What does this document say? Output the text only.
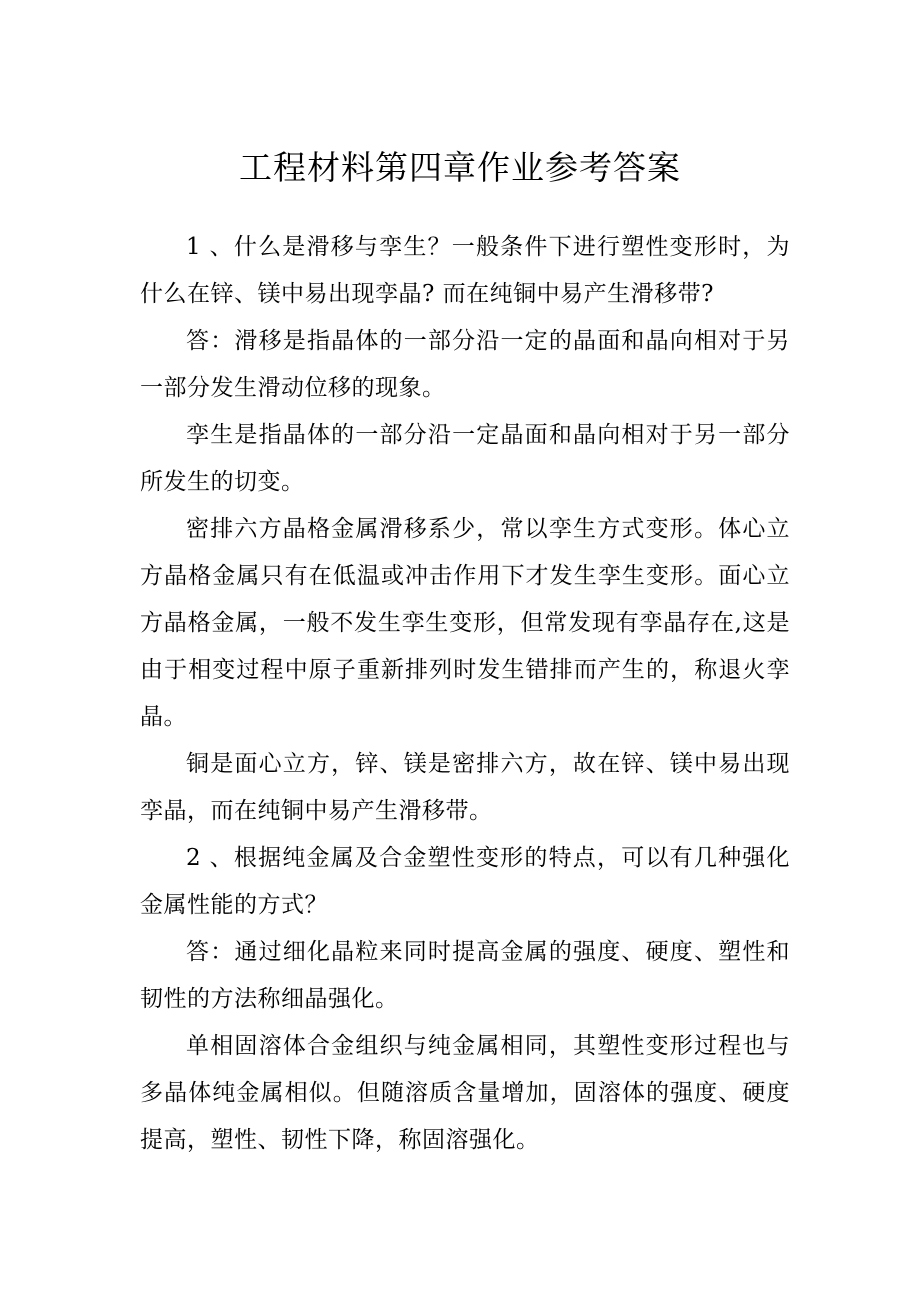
工程材料第四章作业参考答案

1 、什么是滑移与孪生？一般条件下进行塑性变形时，为什么在锌、镁中易出现孪晶? 而在纯铜中易产生滑移带?

答：滑移是指晶体的一部分沿一定的晶面和晶向相对于另一部分发生滑动位移的现象。

孪生是指晶体的一部分沿一定晶面和晶向相对于另一部分所发生的切变。

密排六方晶格金属滑移系少，常以孪生方式变形。体心立方晶格金属只有在低温或冲击作用下才发生孪生变形。面心立方晶格金属，一般不发生孪生变形，但常发现有孪晶存在,这是由于相变过程中原子重新排列时发生错排而产生的，称退火孪晶。

铜是面心立方，锌、镁是密排六方，故在锌、镁中易出现孪晶，而在纯铜中易产生滑移带。

2 、根据纯金属及合金塑性变形的特点，可以有几种强化金属性能的方式？

答：通过细化晶粒来同时提高金属的强度、硬度、塑性和韧性的方法称细晶强化。

单相固溶体合金组织与纯金属相同，其塑性变形过程也与多晶体纯金属相似。但随溶质含量增加，固溶体的强度、硬度提高，塑性、韧性下降，称固溶强化。
